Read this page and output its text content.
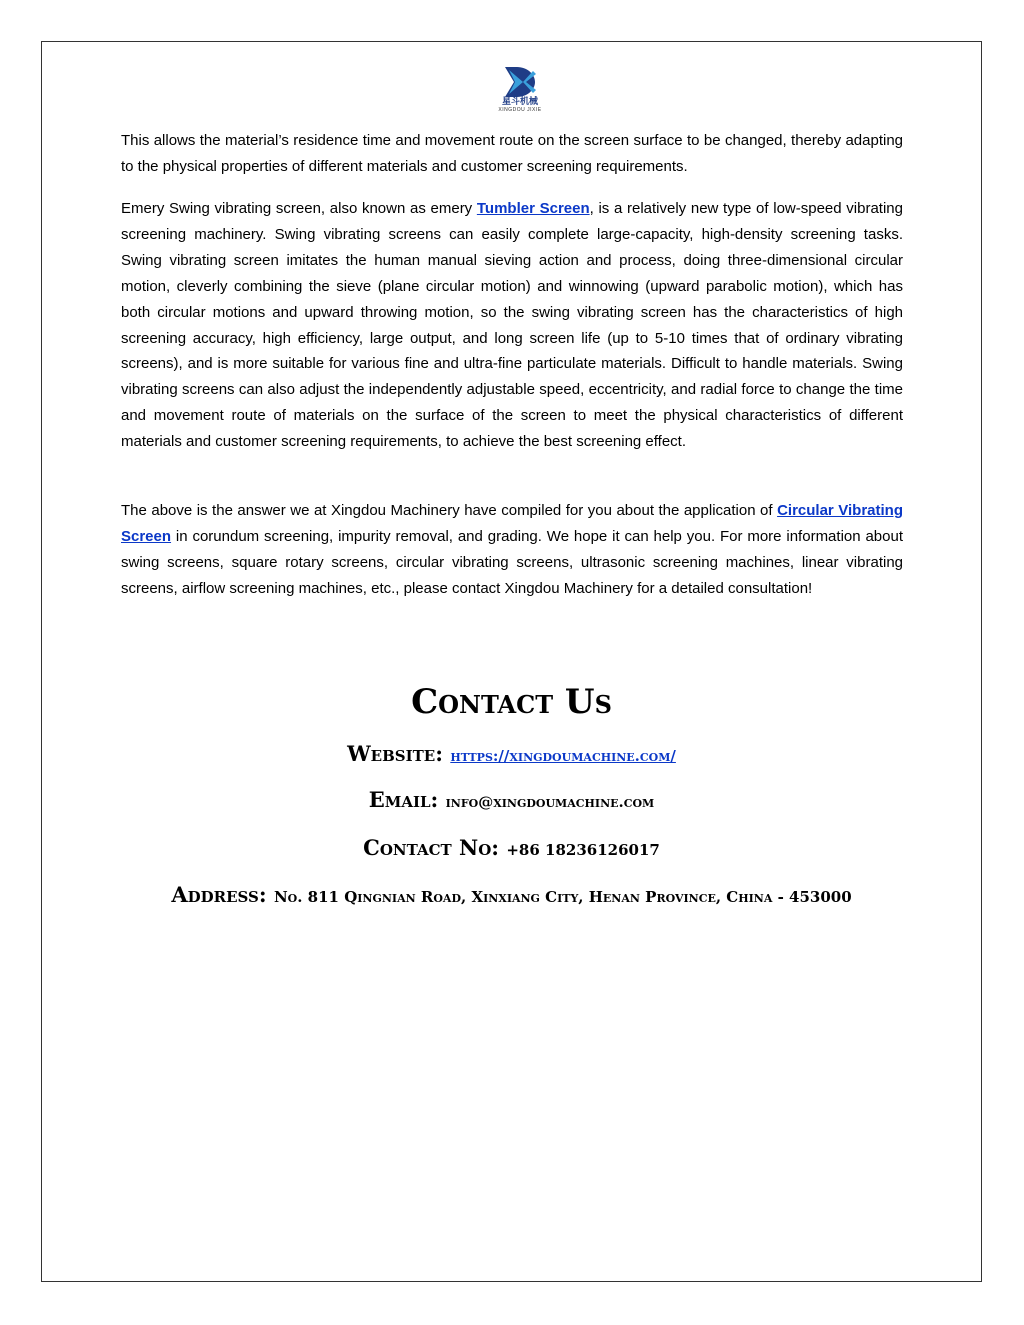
星斗机械
XINGDOU JIXIE

This allows the material’s residence time and movement route on the screen surface to be changed, thereby adapting to the physical properties of different materials and customer screening requirements.

Emery Swing vibrating screen, also known as emery Tumbler Screen, is a relatively new type of low-speed vibrating screening machinery. Swing vibrating screens can easily complete large-capacity, high-density screening tasks. Swing vibrating screen imitates the human manual sieving action and process, doing three-dimensional circular motion, cleverly combining the sieve (plane circular motion) and winnowing (upward parabolic motion), which has both circular motions and upward throwing motion, so the swing vibrating screen has the characteristics of high screening accuracy, high efficiency, large output, and long screen life (up to 5-10 times that of ordinary vibrating screens), and is more suitable for various fine and ultra-fine particulate materials. Difficult to handle materials. Swing vibrating screens can also adjust the independently adjustable speed, eccentricity, and radial force to change the time and movement route of materials on the surface of the screen to meet the physical characteristics of different materials and customer screening requirements, to achieve the best screening effect.

The above is the answer we at Xingdou Machinery have compiled for you about the application of Circular Vibrating Screen in corundum screening, impurity removal, and grading. We hope it can help you. For more information about swing screens, square rotary screens, circular vibrating screens, ultrasonic screening machines, linear vibrating screens, airflow screening machines, etc., please contact Xingdou Machinery for a detailed consultation!

Contact Us

Website: https://xingdoumachine.com/

Email: info@xingdoumachine.com

Contact No: +86 18236126017

Address: No. 811 Qingnian Road, Xinxiang City, Henan Province, China - 453000
